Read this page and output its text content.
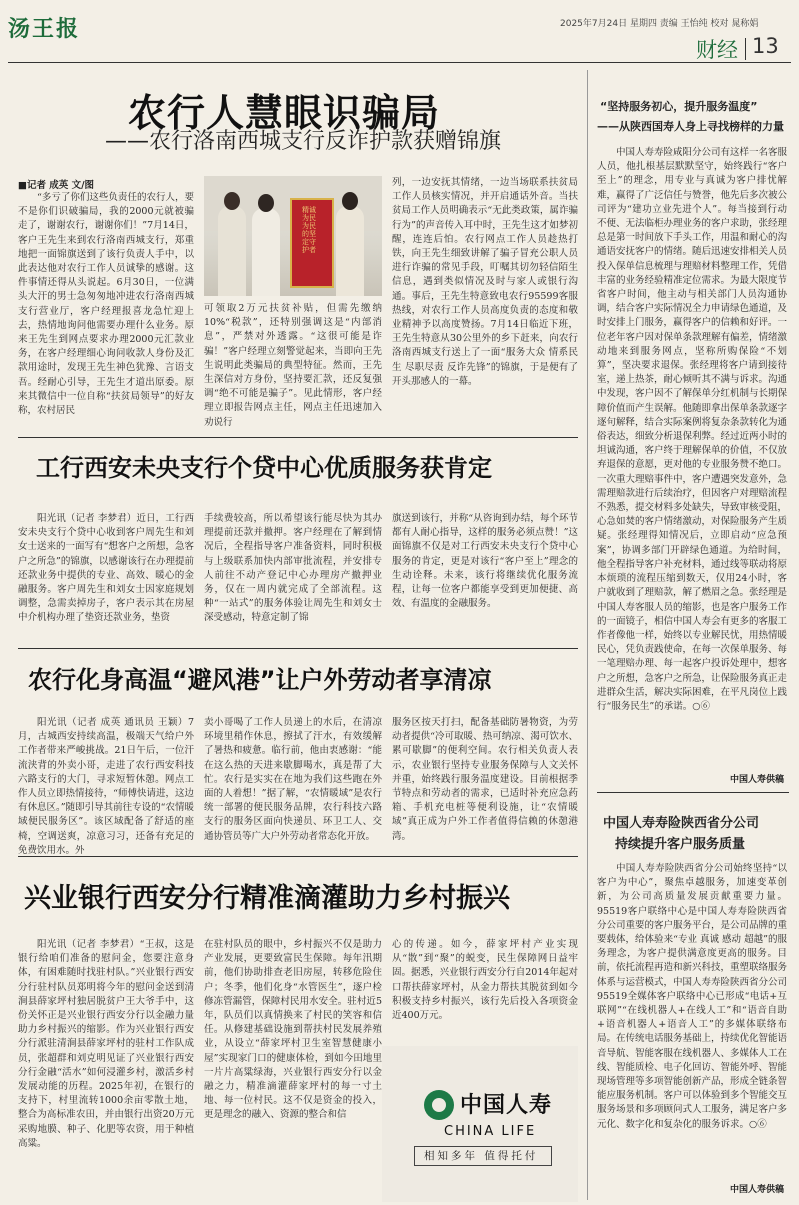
汤王报	2025年7月24日 星期四 责编 王怡纯 校对 晁称娟
财经 13
农行人慧眼识骗局
——农行洛南西城支行反诈护款获赠锦旗
■记者 成英 文/图

“多亏了你们这些负责任的农行人，要不是你们识破骗局，我的2000元就被骗走了，谢谢农行，谢谢你们！”7月14日，客户王先生来到农行洛南西城支行，郑重地把一面锦旗送到了该行负责人手中，以此表达他对农行工作人员诚挚的感谢。这件事情还得从头说起。6月30日，一位满头大汗的男士急匆匆地冲进农行洛南西城支行营业厅，客户经理报喜龙急忙迎上去，热情地询问他需要办理什么业务。原来王先生到网点要求办理2000元汇款业务，在客户经理细心询问收款人身份及汇款用途时，发现王先生神色犹豫、言语支吾。经耐心引导，王先生才道出原委。原来其微信中一位自称“扶贫局领导”的好友称，农村居民

精诚为民为民的坚定守护者

可领取2万元扶贫补贴，但需先缴纳10%“税款”，还特别强调这是“内部消息”，严禁对外透露。“这很可能是诈骗！”客户经理立刻警觉起来，当即向王先生说明此类骗局的典型特征。然而，王先生深信对方身份，坚持要汇款，还反复强调“绝不可能是骗子”。见此情形，客户经理立即报告网点主任，网点主任迅速加入劝说行

列，一边安抚其情绪，一边当场联系扶贫局工作人员核实情况，并开启通话外音。当扶贫局工作人员明确表示“无此类政策，属诈骗行为”的声音传入耳中时，王先生这才如梦初醒，连连后怕。农行网点工作人员趁热打铁，向王先生细致讲解了骗子冒充公职人员进行诈骗的常见手段，叮嘱其切勿轻信陌生信息，遇到类似情况及时与家人或银行沟通。事后，王先生特意致电农行95599客服热线，对农行工作人员高度负责的态度和敬业精神予以高度赞扬。7月14日临近下班，王先生特意从30公里外的乡下赶来，向农行洛南西城支行送上了一面“服务大众 情系民生 尽职尽责 反诈先锋”的锦旗，于是便有了开头那感人的一幕。

工行西安未央支行个贷中心优质服务获肯定

阳光讯（记者 李梦君）近日，工行西安未央支行个贷中心收到客户周先生和刘女士送来的一面写有“想客户之所想，急客户之所急”的锦旗，以感谢该行在办理提前还款业务中提供的专业、高效、暖心的金融服务。客户周先生和刘女士因家庭规划调整，急需卖掉房子，客户表示其在房屋中介机构办理了垫资还款业务，垫资

手续费较高，所以希望该行能尽快为其办理提前还款并撤押。客户经理在了解到情况后，全程指导客户准备资料，同时积极与上级联系加快内部审批流程，并安排专人前往不动产登记中心办理房产撤押业务，仅在一周内就完成了全部流程。这种“一站式”的服务体验让周先生和刘女士深受感动，特意定制了锦

旗送到该行，并称“从咨询到办结，每个环节都有人耐心指导，这样的服务必须点赞！”这面锦旗不仅是对工行西安未央支行个贷中心服务的肯定，更是对该行“客户至上”理念的生动诠释。未来，该行将继续优化服务流程，让每一位客户都能享受到更加便捷、高效、有温度的金融服务。

农行化身高温“避风港”让户外劳动者享清凉

阳光讯（记者 成英 通讯员 王颖）7月，古城西安持续高温，极端天气给户外工作者带来严峻挑战。21日午后，一位汗流浃背的外卖小哥，走进了农行西安科技六路支行的大门，寻求短暂休憩。网点工作人员立即热情接待，“师傅快请进，这边有休息区。”随即引导其前往专设的“农情暖域便民服务区”。该区域配备了舒适的座椅，空调送爽，凉意习习，还备有充足的免费饮用水。外

卖小哥喝了工作人员递上的水后，在清凉环境里稍作休息，擦拭了汗水，有效缓解了暑热和疲惫。临行前，他由衷感谢：“能在这么热的天进来歇脚喝水，真是帮了大忙。农行是实实在在地为我们这些跑在外面的人着想！”据了解，“农情暖域”是农行统一部署的便民服务品牌，农行科技六路支行的服务区面向快递员、环卫工人、交通协管员等广大户外劳动者常态化开放。

服务区按天打扫，配备基础防暑物资，为劳动者提供“冷可取暖、热可纳凉、渴可饮水、累可歇脚”的便利空间。农行相关负责人表示，农业银行坚持专业服务保障与人文关怀并重，始终践行服务温度建设。目前根据季节特点和劳动者的需求，已适时补充应急药箱、手机充电桩等便利设施，让“农情暖域”真正成为户外工作者值得信赖的休憩港湾。

兴业银行西安分行精准滴灌助力乡村振兴

阳光讯（记者 李梦君）“王叔，这是银行给咱们准备的慰问金，您要注意身体，有困难随时找驻村队。”兴业银行西安分行驻村队员郑明将今年的慰问金送到清涧县薛家坪村独居脱贫户王大爷手中，这份关怀正是兴业银行西安分行以金融力量助力乡村振兴的缩影。作为兴业银行西安分行派驻清涧县薛家坪村的驻村工作队成员，张超群和刘克明见证了兴业银行西安分行金融“活水”如何浸灌乡村，激活乡村发展动能的历程。2025年初，在银行的支持下，村里流转1000余亩零散土地，整合为高标准农田，并由银行出资20万元采购地膜、种子、化肥等农资，用于种植高粱。

在驻村队员的眼中，乡村振兴不仅是助力产业发展，更要致富民生保障。每年汛期前，他们协助排查老旧房屋，转移危险住户；冬季，他们化身“水管医生”，逐户检修冻管漏管，保障村民用水安全。驻村近5年，队员们以真情换来了村民的笑容和信任。从修建基础设施到帮扶村民发展养殖业，从设立“薛家坪村卫生室智慧健康小屋”实现家门口的健康体检，到如今田地里一片片高粱绿海，兴业银行西安分行以金融之力，精准滴灌薛家坪村的每一寸土地、每一位村民。这不仅是资金的投入，更是理念的融入、资源的整合和信

心的传递。如今，薛家坪村产业实现从“散”到“聚”的蜕变，民生保障网日益牢固。据悉，兴业银行西安分行自2014年起对口帮扶薛家坪村，从金力帮扶其脱贫到如今积极支持乡村振兴，该行先后投入各项资金近400万元。

中国人寿
CHINA LIFE
相知多年 值得托付
“坚持服务初心，提升服务温度”
——从陕西国寿人身上寻找榜样的力量

中国人寿寿险咸阳分公司有这样一名客服人员，他扎根基层默默坚守，始终践行“客户至上”的理念，用专业与真诚为客户排忧解难，赢得了广泛信任与赞誉，他先后多次被公司评为“建功立业先进个人”。每当接到行动不便、无法临柜办理业务的客户求助，张经理总是第一时间放下手头工作，用温和耐心的沟通语安抚客户的情绪。随后迅速安排相关人员投入保单信息梳理与理赔材料整理工作，凭借丰富的业务经验精准定位需求。为最大限度节省客户时间，他主动与相关部门人员沟通协调，结合客户实际情况全力申请绿色通道，及时安排上门服务，赢得客户的信赖和好评。一位老年客户因对保单条款理解有偏差，情绪激动地来到服务网点，坚称所购保险“不划算”，坚决要求退保。张经理将客户请到接待室，递上热茶，耐心倾听其不满与诉求。沟通中发现，客户因不了解保单分红机制与长期保障价值而产生误解。他随即拿出保单条款逐字逐句解释，结合实际案例将复杂条款转化为通俗表达，细致分析退保利弊。经过近两小时的坦诚沟通，客户终于理解保单的价值，不仅放弃退保的意愿，更对他的专业服务赞不绝口。一次重大理赔事件中，客户遭遇突发意外，急需理赔款进行后续治疗，但因客户对理赔流程不熟悉，提交材料多处缺失，导致审核受阻，心急如焚的客户情绪激动，对保险服务产生质疑。张经理得知情况后，立即启动“应急预案”，协调多部门开辟绿色通道。为给时间，他全程指导客户补充材料，通过线等联动将原本烦琐的流程压缩到数天，仅用24小时，客户就收到了理赔款，解了燃眉之急。张经理是中国人寿客服人员的缩影，也是客户服务工作的一面镜子，相信中国人寿会有更多的客服工作者像他一样，始终以专业解民忧，用热情暖民心，凭负责践使命，在每一次保单服务、每一笔理赔办理、每一起客户投诉处理中，想客户之所想，急客户之所急，让保险服务真正走进群众生活，解决实际困难，在平凡岗位上践行“服务民生”的承诺。○⑥

中国人寿供稿
中国人寿寿险陕西省分公司
持续提升客户服务质量

中国人寿寿险陕西省分公司始终坚持“以客户为中心”，聚焦卓越服务，加速变革创新，为公司高质量发展贡献重要力量。95519客户联络中心是中国人寿寿险陕西省分公司重要的客户服务平台，是公司品牌的重要载体，给体验来“专业 真诚 感动 超越”的服务理念，为客户提供满意度更高的服务。目前，依托流程再造和新兴科技，重塑联络服务体系与运营模式，中国人寿寿险陕西省分公司95519全媒体客户联络中心已形成“电话+互联网”“在线机器人+在线人工”和“语音自助+语音机器人+语音人工”的多媒体联络布局。在传统电话服务基础上，持续优化智能语音导航、智能客服在线机器人、多媒体人工在线、智能质检、电子化回访、智能外呼、智能现场管理等多项智能创新产品，形成全链条智能应服务机制。客户可以体验到多个智能交互服务场景和多项顾问式人工服务，满足客户多元化、数字化和复杂化的服务诉求。○⑥

中国人寿供稿
